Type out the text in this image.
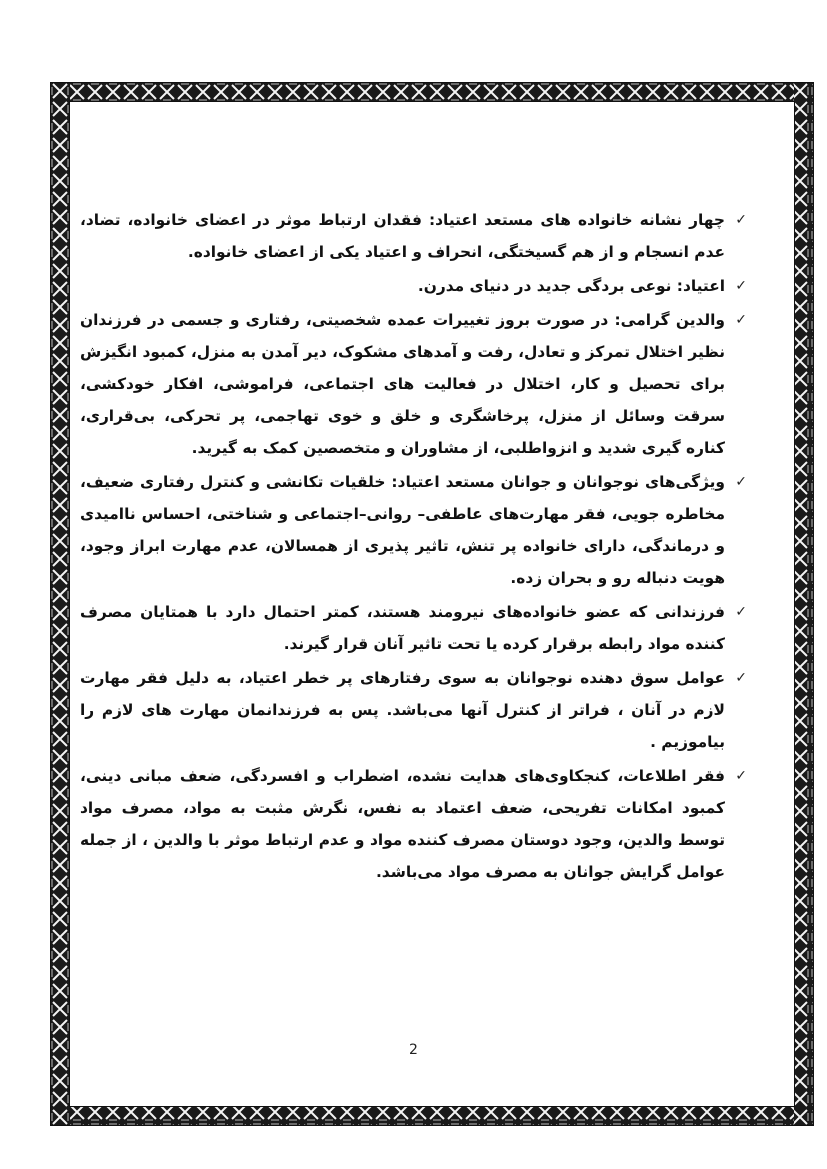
✓
چهار نشانه خانواده های مستعد اعتیاد: فقدان ارتباط موثر در اعضای خانواده، تضاد، عدم انسجام و از هم گسیختگی، انحراف و اعتیاد یکی از اعضای خانواده.
✓
اعتیاد: نوعی بردگی جدید در دنیای مدرن.
✓
والدین گرامی: در صورت بروز تغییرات عمده شخصیتی، رفتاری و جسمی در فرزندان نظیر اختلال تمرکز و تعادل، رفت و آمدهای مشکوک، دیر آمدن به منزل، کمبود انگیزش برای تحصیل و کار، اختلال در فعالیت های اجتماعی، فراموشی، افکار خودکشی، سرقت وسائل از منزل، پرخاشگری و خلق و خوی تهاجمی، پر تحرکی، بی‌قراری، کناره گیری شدید و انزواطلبی، از مشاوران و متخصصین کمک به گیرید.
✓
ویژگی‌های نوجوانان و جوانان مستعد اعتیاد: خلقیات تکانشی و کنترل رفتاری ضعیف، مخاطره جویی، فقر مهارت‌های عاطفی– روانی–اجتماعی و شناختی، احساس ناامیدی و درماندگی، دارای خانواده پر تنش، تاثیر پذیری از همسالان، عدم مهارت ابراز وجود، هویت دنباله رو و بحران زده.
✓
فرزندانی که عضو خانواده‌های نیرومند هستند، کمتر احتمال دارد با همتایان مصرف کننده مواد رابطه برقرار کرده یا تحت تاثیر آنان قرار گیرند.
✓
عوامل سوق دهنده نوجوانان به سوی رفتارهای پر خطر اعتیاد، به دلیل فقر مهارت لازم در آنان ، فراتر از کنترل آنها می‌باشد. پس به فرزندانمان مهارت های لازم را بیاموزیم .
✓
فقر اطلاعات، کنجکاوی‌های هدایت نشده، اضطراب و افسردگی، ضعف مبانی دینی، کمبود امکانات تفریحی، ضعف اعتماد به نفس، نگرش مثبت به مواد، مصرف مواد توسط والدین، وجود دوستان مصرف کننده مواد و عدم ارتباط موثر با والدین ، از جمله عوامل گرایش جوانان به مصرف مواد می‌باشد.
2
